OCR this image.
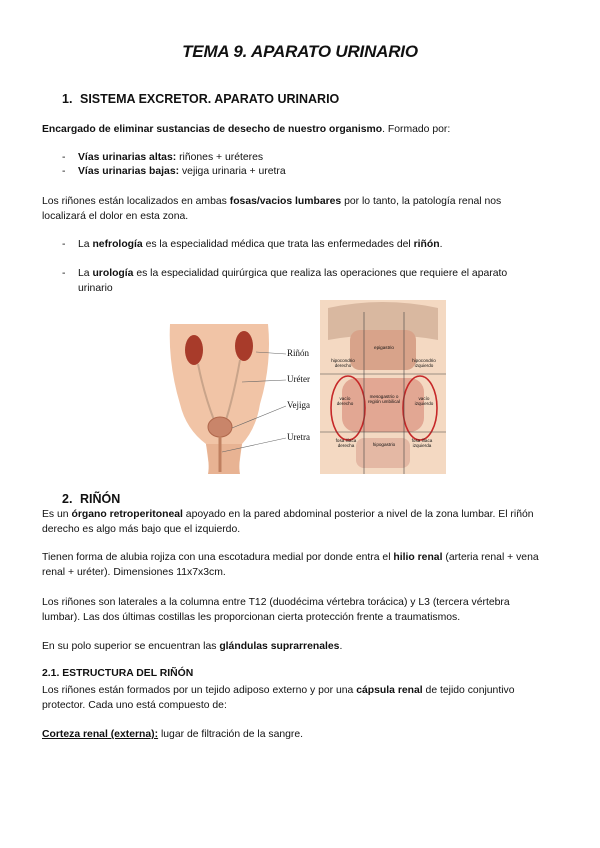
TEMA 9. APARATO URINARIO
1. SISTEMA EXCRETOR. APARATO URINARIO
Encargado de eliminar sustancias de desecho de nuestro organismo. Formado por:
- Vías urinarias altas: riñones + uréteres
- Vías urinarias bajas: vejiga urinaria + uretra
Los riñones están localizados en ambas fosas/vacios lumbares por lo tanto, la patología renal nos localizará el dolor en esta zona.
- La nefrología es la especialidad médica que trata las enfermedades del riñón.
- La urología es la especialidad quirúrgica que realiza las operaciones que requiere el aparato urinario
Riñón
Uréter
Vejiga
Uretra
epigastrio
hipocondrio derecho
hipocondrio izquierdo
vacío derecho
mesogastrio o región umbilical
vacío izquierdo
fosa ilíaca derecha	hipogastrio
fosa ilíaca izquierda
2. RIÑÓN
Es un órgano retroperitoneal apoyado en la pared abdominal posterior a nivel de la zona lumbar. El riñón derecho es algo más bajo que el izquierdo.
Tienen forma de alubia rojiza con una escotadura medial por donde entra el hilio renal (arteria renal + vena renal + uréter). Dimensiones 11x7x3cm.
Los riñones son laterales a la columna entre T12 (duodécima vértebra torácica) y L3 (tercera vértebra lumbar). Las dos últimas costillas les proporcionan cierta protección frente a traumatismos.
En su polo superior se encuentran las glándulas suprarrenales.
2.1. ESTRUCTURA DEL RIÑÓN
Los riñones están formados por un tejido adiposo externo y por una cápsula renal de tejido conjuntivo protector. Cada uno está compuesto de:
Corteza renal (externa): lugar de filtración de la sangre.
